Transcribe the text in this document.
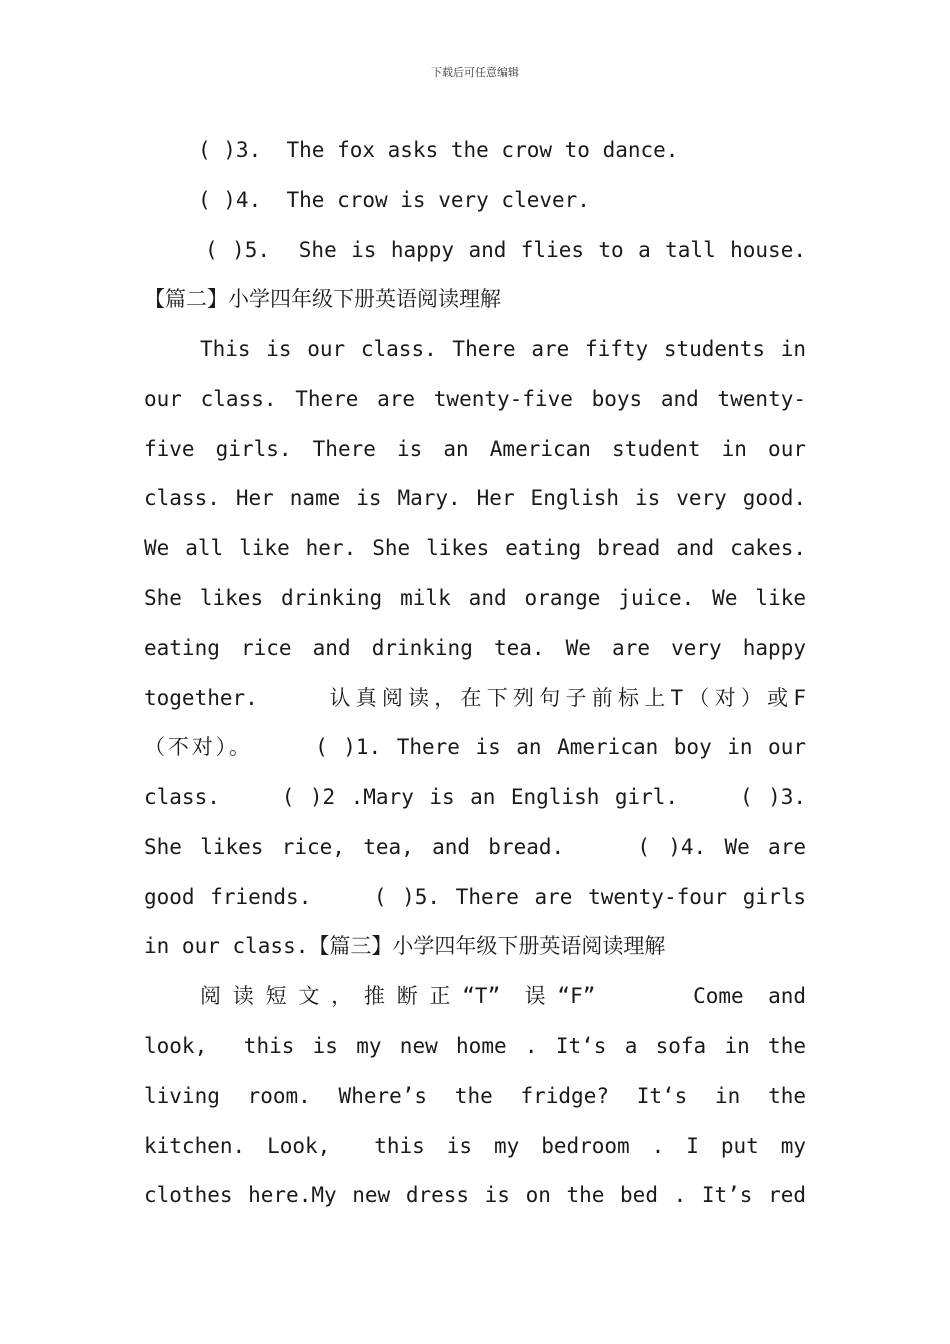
下载后可任意编辑
( )3.  The fox asks the crow to dance.
( )4.  The crow is very clever.
( )5.  She is happy and flies to a tall house.
【篇二】小学四年级下册英语阅读理解
This is our class. There are fifty students in
our class. There are twenty-five boys and twenty-
five girls. There is an American student in our
class. Her name is Mary. Her English is very good.
We all like her. She likes eating bread and cakes.
She likes drinking milk and orange juice. We like
eating rice and drinking tea. We are very happy
together.    认真阅读，在下列句子前标上T（对）或F
（不对）。    ( )1. There is an American boy in our
class.    ( )2 .Mary is an English girl.    ( )3.
She likes rice, tea, and bread.    ( )4. We are
good friends.    ( )5. There are twenty-four girls
in our class.【篇三】小学四年级下册英语阅读理解
阅读短文，推断正“T” 误“F”    Come and
look,  this is my new home . It‘s a sofa in the
living room. Where’s the fridge? It‘s in the
kitchen. Look,  this is my bedroom . I put my
clothes here.My new dress is on the bed . It’s red
